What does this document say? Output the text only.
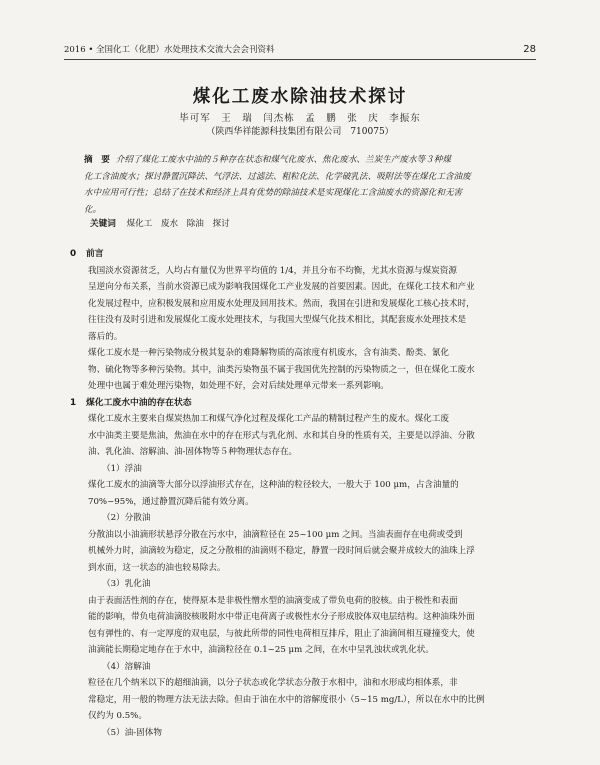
2016 • 全国化工（化肥）水处理技术交流大会会刊资料	28
煤化工废水除油技术探讨
毕可军　王　瑞　闫杰栋　孟　鹏　张　庆　李振东
（陕西华祥能源科技集团有限公司　710075）
摘　要 介绍了煤化工废水中油的５种存在状态和煤气化废水、焦化废水、兰炭生产废水等３种煤
化工含油废水；探讨静置沉降法、气浮法、过滤法、粗粒化法、化学破乳法、吸附法等在煤化工含油废
水中应用可行性；总结了在技术和经济上具有优势的除油技术是实现煤化工含油废水的资源化和无害
化。
关键词 煤化工　废水　除油　探讨
0 前言
我国淡水资源贫乏，人均占有量仅为世界平均值的 1/4，并且分布不均衡，尤其水资源与煤炭资源
呈逆向分布关系，当前水资源已成为影响我国煤化工产业发展的首要因素。因此，在煤化工技术和产业
化发展过程中，应积极发展和应用废水处理及回用技术。然而，我国在引进和发展煤化工核心技术时，
往往没有及时引进和发展煤化工废水处理技术，与我国大型煤气化技术相比，其配套废水处理技术是
落后的。
煤化工废水是一种污染物成分极其复杂的难降解物质的高浓度有机废水，含有油类、酚类、氰化
物、硫化物等多种污染物。其中，油类污染物虽不属于我国优先控制的污染物质之一，但在煤化工废水
处理中也属于难处理污染物，如处理不好，会对后续处理单元带来一系列影响。
1 煤化工废水中油的存在状态
煤化工废水主要来自煤炭热加工和煤气净化过程及煤化工产品的精制过程产生的废水。煤化工废
水中油类主要是焦油，焦油在水中的存在形式与乳化剂、水和其自身的性质有关，主要是以浮油、分散
油、乳化油、溶解油、油-固体物等５种物理状态存在。
（1）浮油
煤化工废水的油滴等大部分以浮油形式存在，这种油的粒径较大，一般大于 100 μm，占含油量的
70%~95%，通过静置沉降后能有效分离。
（2）分散油
分散油以小油滴形状悬浮分散在污水中，油滴粒径在 25~100 μm 之间。当油表面存在电荷或受到
机械外力时，油滴较为稳定，反之分散相的油滴则不稳定，静置一段时间后就会聚并成较大的油珠上浮
到水面，这一状态的油也较易除去。
（3）乳化油
由于表面活性剂的存在，使得原本是非极性憎水型的油滴变成了带负电荷的胶核。由于极性和表面
能的影响，带负电荷油滴胶核吸附水中带正电荷离子或极性水分子形成胶体双电层结构。这种油珠外面
包有弹性的、有一定厚度的双电层，与彼此所带的同性电荷相互排斥，阻止了油滴间相互碰撞变大，使
油滴能长期稳定地存在于水中，油滴粒径在 0.1~25 μm 之间，在水中呈乳浊状或乳化状。
（4）溶解油
粒径在几个纳米以下的超细油滴，以分子状态或化学状态分散于水相中，油和水形成均相体系，非
常稳定，用一般的物理方法无法去除。但由于油在水中的溶解度很小（5~15 mg/L），所以在水中的比例
仅约为 0.5%。
（5）油-固体物
